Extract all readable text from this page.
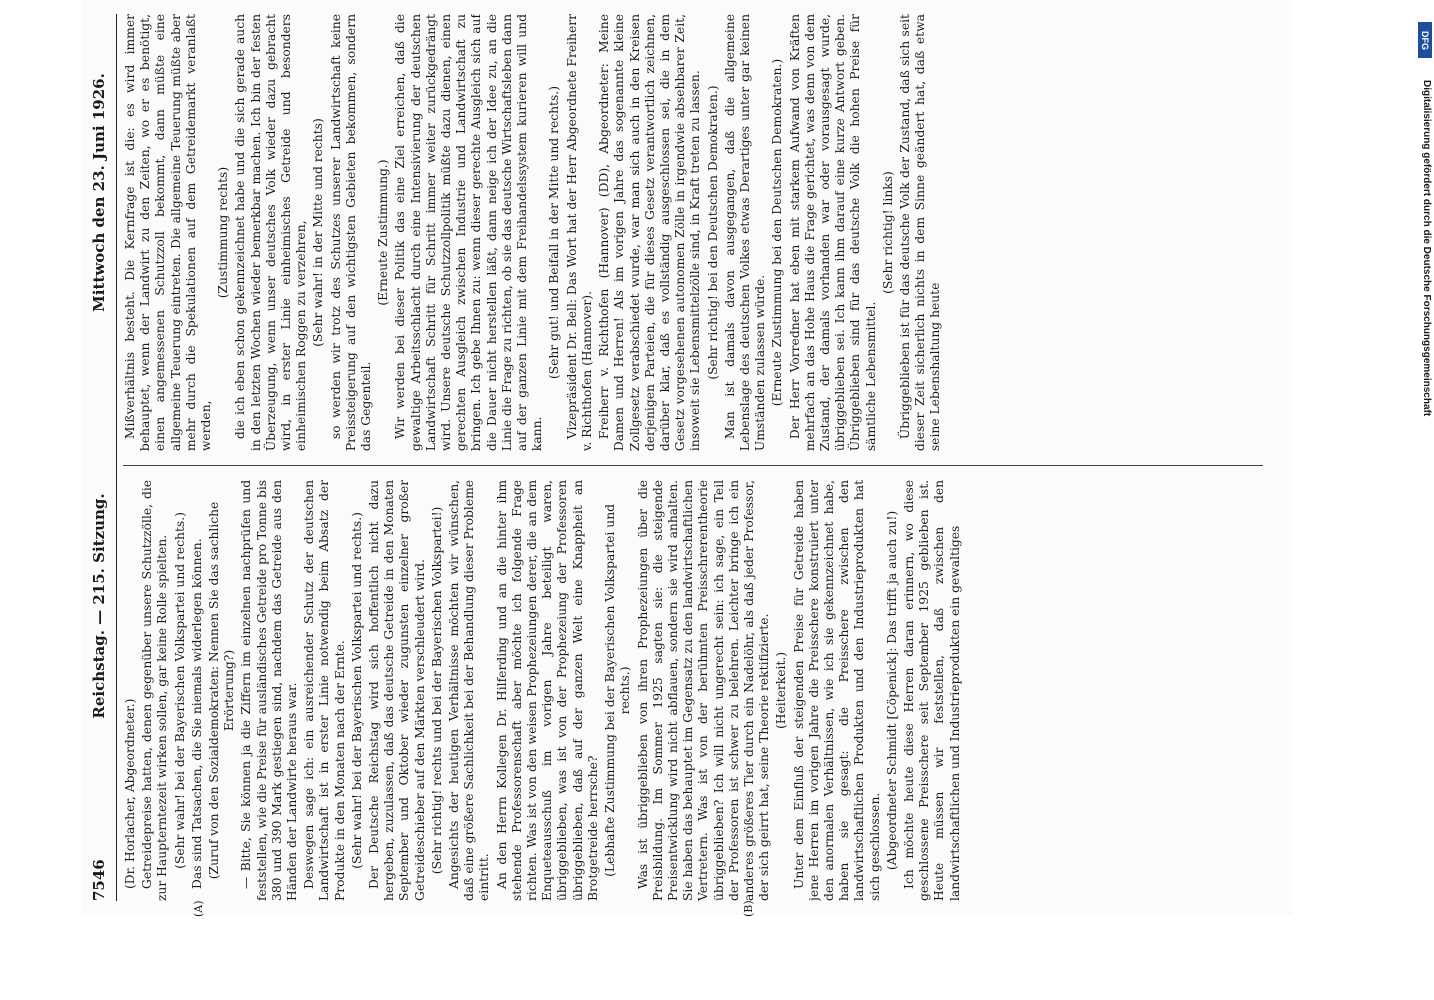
7546
Reichstag. — 215. Sitzung.
Mittwoch den 23. Juni 1926.

(Dr. Horlacher, Abgeordneter.) Getreidepreise hatten, denen gegenüber unsere Schutzzölle, die zur Haupterntezeit wirken sollen, gar keine Rolle spielten. (Sehr wahr! bei der Bayerischen Volkspartei und rechts.) Das sind Tatsachen, die Sie niemals widerlegen können. (Zuruf von den Sozialdemokraten: Nennen Sie das sachliche Erörterung?) — Bitte, Sie können ja die Ziffern im einzelnen nachprüfen und feststellen, wie die Preise für ausländisches Getreide pro Tonne bis 380 und 390 Mark gestiegen sind, nachdem das Getreide aus den Händen der Landwirte heraus war. Deswegen sage ich: ein ausreichender Schutz der deutschen Landwirtschaft ist in erster Linie notwendig beim Absatz der Produkte in den Monaten nach der Ernte. (Sehr wahr! bei der Bayerischen Volkspartei und rechts.) Der Deutsche Reichstag wird sich hoffentlich nicht dazu hergeben, zuzulassen, daß das deutsche Getreide in den Monaten September und Oktober wieder zugunsten einzelner großer Getreideschieber auf den Märkten verschleudert wird. (Sehr richtig! rechts und bei der Bayerischen Volkspartei!) Angesichts der heutigen Verhältnisse möchten wir wünschen, daß eine größere Sachlichkeit bei der Behandlung dieser Probleme eintritt. An den Herrn Kollegen Dr. Hilferding und an die hinter ihm stehende Professorenschaft aber möchte ich folgende Frage richten. Was ist von den weisen Prophezeiungen derer, die an dem Enqueteausschuß im vorigen Jahre beteiligt waren, übriggeblieben, was ist von der Prophezeiung der Professoren übriggeblieben, daß auf der ganzen Welt eine Knappheit an Brotgetreide herrsche? (Lebhafte Zustimmung bei der Bayerischen Volkspartei und rechts.) Was ist übriggeblieben von ihren Prophezeiungen über die Preisbildung. Im Sommer 1925 sagten sie: die steigende Preisentwicklung wird nicht abflauen, sondern sie wird anhalten. Sie haben das behauptet im Gegensatz zu den landwirtschaftlichen Vertretern. Was ist von der berühmten Preisschrerentheorie übriggeblieben? Ich will nicht ungerecht sein: ich sage, ein Teil der Professoren ist schwer zu belehren. Leichter bringe ich ein anderes größeres Tier durch ein Nadelöhr, als daß jeder Professor, der sich geirrt hat, seine Theorie rektifizierte. (Heiterkeit.) Unter dem Einfluß der steigenden Preise für Getreide haben jene Herren im vorigen Jahre die Preisschere konstruiert unter den anormalen Verhältnissen, wie ich sie gekennzeichnet habe, haben sie gesagt: die Preisschere zwischen den landwirtschaftlichen Produkten und den Industrieprodukten hat sich geschlossen. (Abgeordneter Schmidt [Cöpenick]: Das trifft ja auch zu!) Ich möchte heute diese Herren daran erinnern, wo diese geschlossene Preisschere seit September 1925 geblieben ist. Heute müssen wir feststellen, daß zwischen den landwirtschaftlichen und Industrieprodukten ein gewaltiges

Mißverhältnis besteht. Die Kernfrage ist die: es wird immer behauptet, wenn der Landwirt zu den Zeiten, wo er es benötigt, einen angemessenen Schutzzoll bekommt, dann müßte eine allgemeine Teuerung eintreten. Die allgemeine Teuerung müßte aber mehr durch die Spekulationen auf dem Getreidemarkt veranlaßt werden,

(Zustimmung rechts) die ich eben schon gekennzeichnet habe und die sich gerade auch in den letzten Wochen wieder bemerkbar machen. Ich bin der festen Überzeugung, wenn unser deutsches Volk wieder dazu gebracht wird, in erster Linie einheimisches Getreide und besonders einheimischen Roggen zu verzehren, (Sehr wahr! in der Mitte und rechts) so werden wir trotz des Schutzes unserer Landwirtschaft keine Preissteigerung auf den wichtigsten Gebieten bekommen, sondern das Gegenteil.

(Erneute Zustimmung.) Wir werden bei dieser Politik das eine Ziel erreichen, daß die gewaltige Arbeitsschlacht durch eine Intensivierung der deutschen Landwirtschaft Schritt für Schritt immer weiter zurückgedrängt wird. Unsere deutsche Schutzzollpolitik müßte dazu dienen, einen gerechten Ausgleich zwischen Industrie und Landwirtschaft zu bringen. Ich gebe Ihnen zu: wenn dieser gerechte Ausgleich sich auf die Dauer nicht herstellen läßt, dann neige ich der Idee zu, an die Linie die Frage zu richten, ob sie das deutsche Wirtschaftsleben dann auf der ganzen Linie mit dem Freihandelssystem kurieren will und kann.

(Sehr gut! und Beifall in der Mitte und rechts.) Vizepräsident Dr. Bell: Das Wort hat der Herr Abgeordnete Freiherr v. Richthofen (Hannover). Freiherr v. Richthofen (Hannover) (DD), Abgeordneter: Meine Damen und Herren! Als im vorigen Jahre das sogenannte kleine Zollgesetz verabschiedet wurde, war man sich auch in den Kreisen derjenigen Parteien, die für dieses Gesetz verantwortlich zeichnen, darüber klar, daß es vollständig ausgeschlossen sei, die in dem Gesetz vorgesehenen autonomen Zölle in irgendwie absehbarer Zeit, insoweit sie Lebensmittelzölle sind, in Kraft treten zu lassen. (Sehr richtig! bei den Deutschen Demokraten.) Man ist damals davon ausgegangen, daß die allgemeine Lebenslage des deutschen Volkes etwas Derartiges unter gar keinen Umständen zulassen würde. (Erneute Zustimmung bei den Deutschen Demokraten.) Der Herr Vorredner hat eben mit starkem Aufwand von Kräften mehrfach an das Hohe Haus die Frage gerichtet, was denn von dem Zustand, der damals vorhanden war oder vorausgesagt wurde, übriggeblieben sei. Ich kann ihm darauf eine kurze Antwort geben. Übriggeblieben sind für das deutsche Volk die hohen Preise für sämtliche Lebensmittel.

(Sehr richtig! links) Übriggeblieben ist für das deutsche Volk der Zustand, daß sich seit dieser Zeit sicherlich nichts in dem Sinne geändert hat, daß etwa seine Lebenshaltung heute

(A)	(B)
DFG
Digitalisierung gefördert durch die Deutsche Forschungsgemeinschaft
